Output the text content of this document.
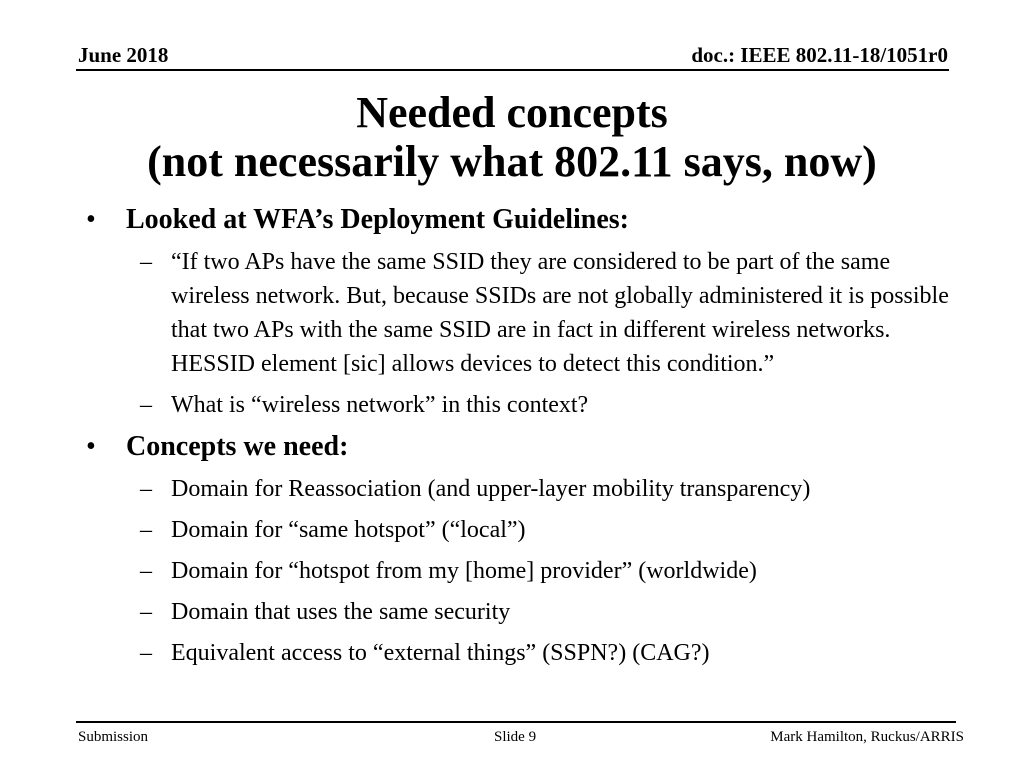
June 2018	doc.: IEEE 802.11-18/1051r0
Needed concepts
(not necessarily what 802.11 says, now)
• Looked at WFA’s Deployment Guidelines:
– “If two APs have the same SSID they are considered to be part of the same wireless network. But, because SSIDs are not globally administered it is possible that two APs with the same SSID are in fact in different wireless networks. HESSID element [sic] allows devices to detect this condition.”
– What is “wireless network” in this context?
• Concepts we need:
– Domain for Reassociation (and upper-layer mobility transparency)
– Domain for “same hotspot” (“local”)
– Domain for “hotspot from my [home] provider” (worldwide)
– Domain that uses the same security
– Equivalent access to “external things” (SSPN?) (CAG?)
Submission	Slide 9	Mark Hamilton, Ruckus/ARRIS
